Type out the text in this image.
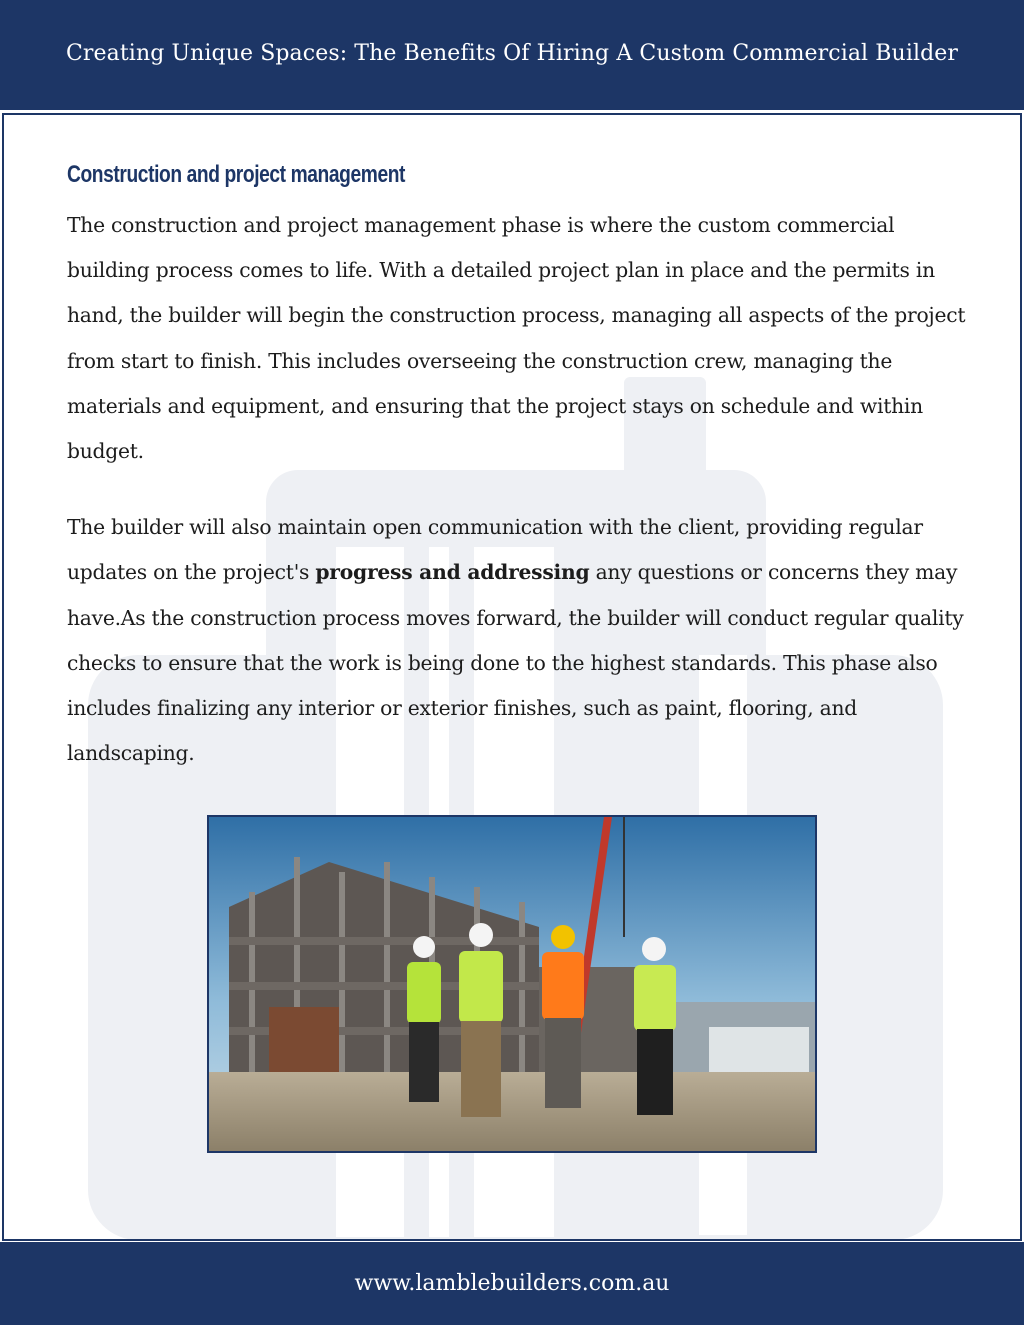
Creating Unique Spaces: The Benefits Of Hiring A Custom Commercial Builder
Construction and project management

The construction and project management phase is where the custom commercial building process comes to life. With a detailed project plan in place and the permits in hand, the builder will begin the construction process, managing all aspects of the project from start to finish. This includes overseeing the construction crew, managing the materials and equipment, and ensuring that the project stays on schedule and within budget.

The builder will also maintain open communication with the client, providing regular updates on the project's progress and addressing any questions or concerns they may have.As the construction process moves forward, the builder will conduct regular quality checks to ensure that the work is being done to the highest standards. This phase also includes finalizing any interior or exterior finishes, such as paint, flooring, and landscaping.

www.lamblebuilders.com.au
